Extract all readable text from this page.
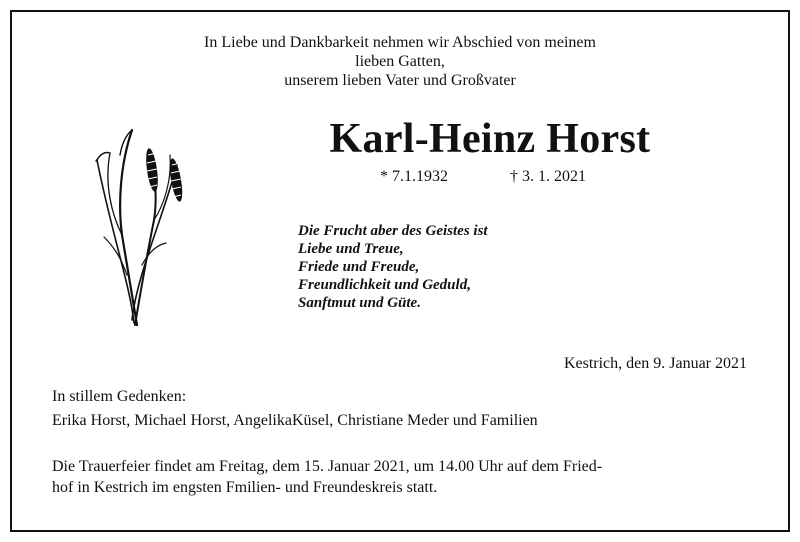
In Liebe und Dankbarkeit nehmen wir Abschied von meinem
lieben Gatten,
unserem lieben Vater und Großvater
Karl-Heinz Horst
* 7.1.1932	† 3. 1. 2021
Die Frucht aber des Geistes ist
Liebe und Treue,
Friede und Freude,
Freundlichkeit und Geduld,
Sanftmut und Güte.
Kestrich, den 9. Januar 2021
In stillem Gedenken:
Erika Horst, Michael Horst, AngelikaKüsel, Christiane Meder und Familien
Die Trauerfeier findet am Freitag, dem 15. Januar 2021, um 14.00 Uhr auf dem Fried-
hof in Kestrich im engsten Fmilien- und Freundeskreis statt.
